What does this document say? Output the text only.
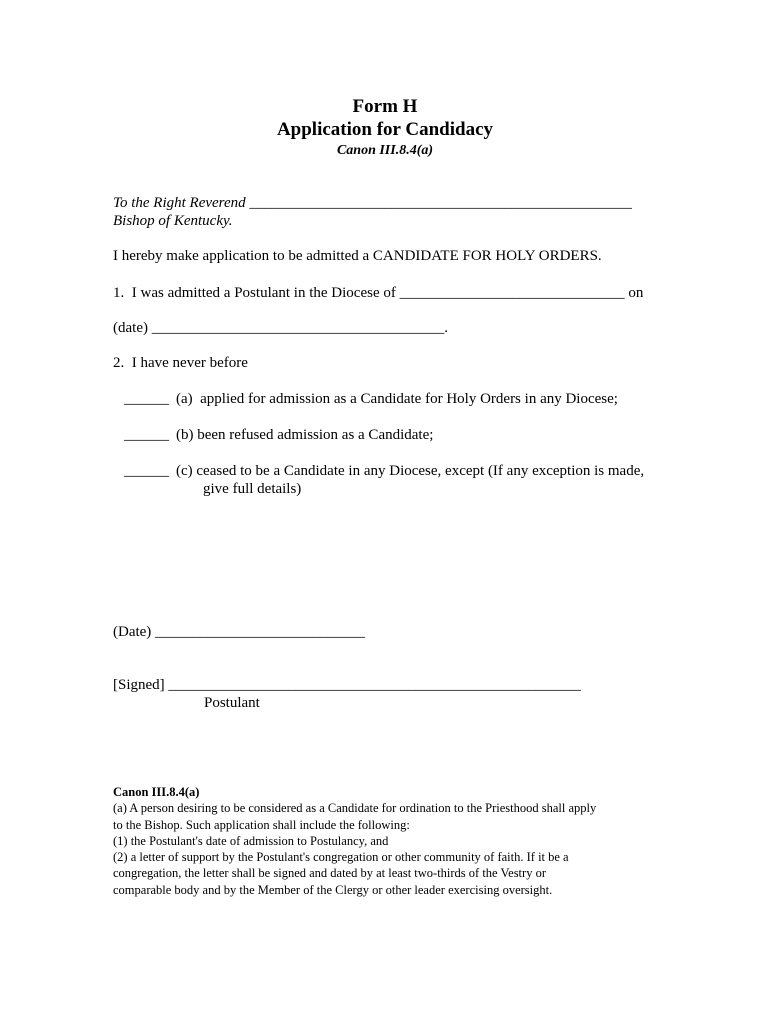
Form H
Application for Candidacy
Canon III.8.4(a)
To the Right Reverend ___________________________________________________
Bishop of Kentucky.
I hereby make application to be admitted a CANDIDATE FOR HOLY ORDERS.
1.  I was admitted a Postulant in the Diocese of ______________________________ on
(date) _______________________________________.
2.  I have never before
______ (a)  applied for admission as a Candidate for Holy Orders in any Diocese;
______ (b) been refused admission as a Candidate;
______ (c) ceased to be a Candidate in any Diocese, except (If any exception is made,
give full details)
(Date) ____________________________
[Signed] _______________________________________________________
Postulant
Canon III.8.4(a)
(a) A person desiring to be considered as a Candidate for ordination to the Priesthood shall apply
to the Bishop. Such application shall include the following:
(1) the Postulant's date of admission to Postulancy, and
(2) a letter of support by the Postulant's congregation or other community of faith. If it be a
congregation, the letter shall be signed and dated by at least two-thirds of the Vestry or
comparable body and by the Member of the Clergy or other leader exercising oversight.
